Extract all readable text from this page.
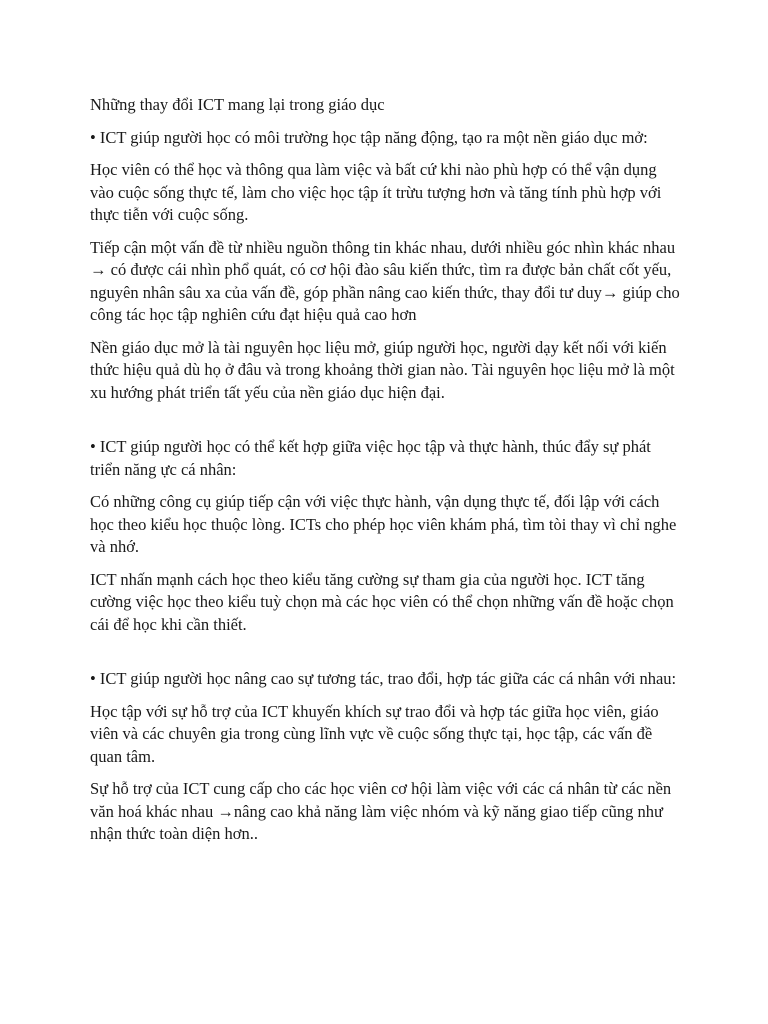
Những thay đổi ICT mang lại trong giáo dục

• ICT giúp người học có môi trường học tập năng động, tạo ra một nền giáo dục mở:

Học viên có thể học và thông qua làm việc và bất cứ khi nào phù hợp có thể vận dụng vào cuộc sống thực tế, làm cho việc học tập ít trừu tượng hơn và tăng tính phù hợp với thực tiễn với cuộc sống.

Tiếp cận một vấn đề từ nhiều nguồn thông tin khác nhau, dưới nhiều góc nhìn khác nhau → có được cái nhìn phổ quát, có cơ hội đào sâu kiến thức, tìm ra được bản chất cốt yếu, nguyên nhân sâu xa của vấn đề, góp phần nâng cao kiến thức, thay đổi tư duy→ giúp cho công tác học tập nghiên cứu đạt hiệu quả cao hơn

Nền giáo dục mở là tài nguyên học liệu mở, giúp người học, người dạy kết nối với kiến thức hiệu quả dù họ ở đâu và trong khoảng thời gian nào. Tài nguyên học liệu mở là một xu hướng phát triển tất yếu của nền giáo dục hiện đại.

• ICT giúp người học có thể kết hợp giữa việc học tập và thực hành, thúc đẩy sự phát triển năng ực cá nhân:

Có những công cụ giúp tiếp cận với việc thực hành, vận dụng thực tế, đối lập với cách học theo kiểu học thuộc lòng. ICTs cho phép học viên khám phá, tìm tòi thay vì chỉ nghe và nhớ.

ICT nhấn mạnh cách học theo kiểu tăng cường sự tham gia của người học. ICT tăng cường việc học theo kiểu tuỳ chọn mà các học viên có thể chọn những vấn đề hoặc chọn cái để học khi cần thiết.

• ICT giúp người học nâng cao sự tương tác, trao đổi, hợp tác giữa các cá nhân với nhau:

Học tập với sự hỗ trợ của ICT khuyến khích sự trao đổi và hợp tác giữa học viên, giáo viên và các chuyên gia trong cùng lĩnh vực về cuộc sống thực tại, học tập, các vấn đề quan tâm.

Sự hỗ trợ của ICT cung cấp cho các học viên cơ hội làm việc với các cá nhân từ các nền văn hoá khác nhau →nâng cao khả năng làm việc nhóm và kỹ năng giao tiếp cũng như nhận thức toàn diện hơn..
